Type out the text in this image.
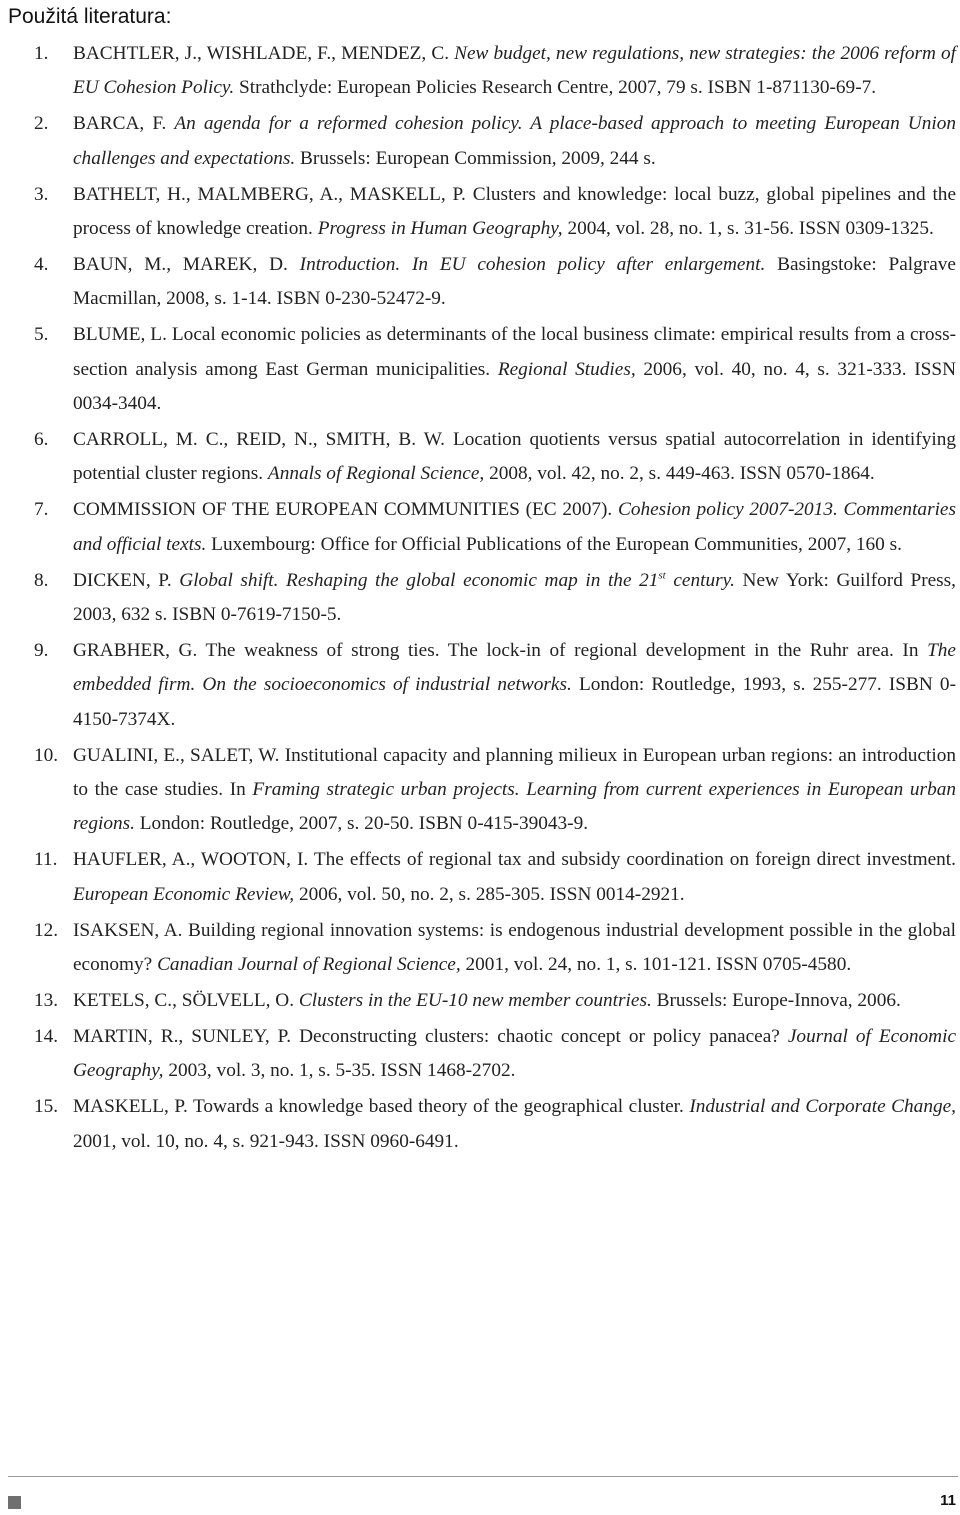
Použitá literatura:
1. BACHTLER, J., WISHLADE, F., MENDEZ, C. New budget, new regulations, new strategies: the 2006 reform of EU Cohesion Policy. Strathclyde: European Policies Research Centre, 2007, 79 s. ISBN 1-871130-69-7.
2. BARCA, F. An agenda for a reformed cohesion policy. A place-based approach to meeting European Union challenges and expectations. Brussels: European Commission, 2009, 244 s.
3. BATHELT, H., MALMBERG, A., MASKELL, P. Clusters and knowledge: local buzz, global pipelines and the process of knowledge creation. Progress in Human Geography, 2004, vol. 28, no. 1, s. 31-56. ISSN 0309-1325.
4. BAUN, M., MAREK, D. Introduction. In EU cohesion policy after enlargement. Basingstoke: Palgrave Macmillan, 2008, s. 1-14. ISBN 0-230-52472-9.
5. BLUME, L. Local economic policies as determinants of the local business climate: empirical results from a cross-section analysis among East German municipalities. Regional Studies, 2006, vol. 40, no. 4, s. 321-333. ISSN 0034-3404.
6. CARROLL, M. C., REID, N., SMITH, B. W. Location quotients versus spatial autocorrelation in identifying potential cluster regions. Annals of Regional Science, 2008, vol. 42, no. 2, s. 449-463. ISSN 0570-1864.
7. COMMISSION OF THE EUROPEAN COMMUNITIES (EC 2007). Cohesion policy 2007-2013. Commentaries and official texts. Luxembourg: Office for Official Publications of the European Communities, 2007, 160 s.
8. DICKEN, P. Global shift. Reshaping the global economic map in the 21st century. New York: Guilford Press, 2003, 632 s. ISBN 0-7619-7150-5.
9. GRABHER, G. The weakness of strong ties. The lock-in of regional development in the Ruhr area. In The embedded firm. On the socioeconomics of industrial networks. London: Routledge, 1993, s. 255-277. ISBN 0-4150-7374X.
10. GUALINI, E., SALET, W. Institutional capacity and planning milieux in European urban regions: an introduction to the case studies. In Framing strategic urban projects. Learning from current experiences in European urban regions. London: Routledge, 2007, s. 20-50. ISBN 0-415-39043-9.
11. HAUFLER, A., WOOTON, I. The effects of regional tax and subsidy coordination on foreign direct investment. European Economic Review, 2006, vol. 50, no. 2, s. 285-305. ISSN 0014-2921.
12. ISAKSEN, A. Building regional innovation systems: is endogenous industrial development possible in the global economy? Canadian Journal of Regional Science, 2001, vol. 24, no. 1, s. 101-121. ISSN 0705-4580.
13. KETELS, C., SÖLVELL, O. Clusters in the EU-10 new member countries. Brussels: Europe-Innova, 2006.
14. MARTIN, R., SUNLEY, P. Deconstructing clusters: chaotic concept or policy panacea? Journal of Economic Geography, 2003, vol. 3, no. 1, s. 5-35. ISSN 1468-2702.
15. MASKELL, P. Towards a knowledge based theory of the geographical cluster. Industrial and Corporate Change, 2001, vol. 10, no. 4, s. 921-943. ISSN 0960-6491.
11
